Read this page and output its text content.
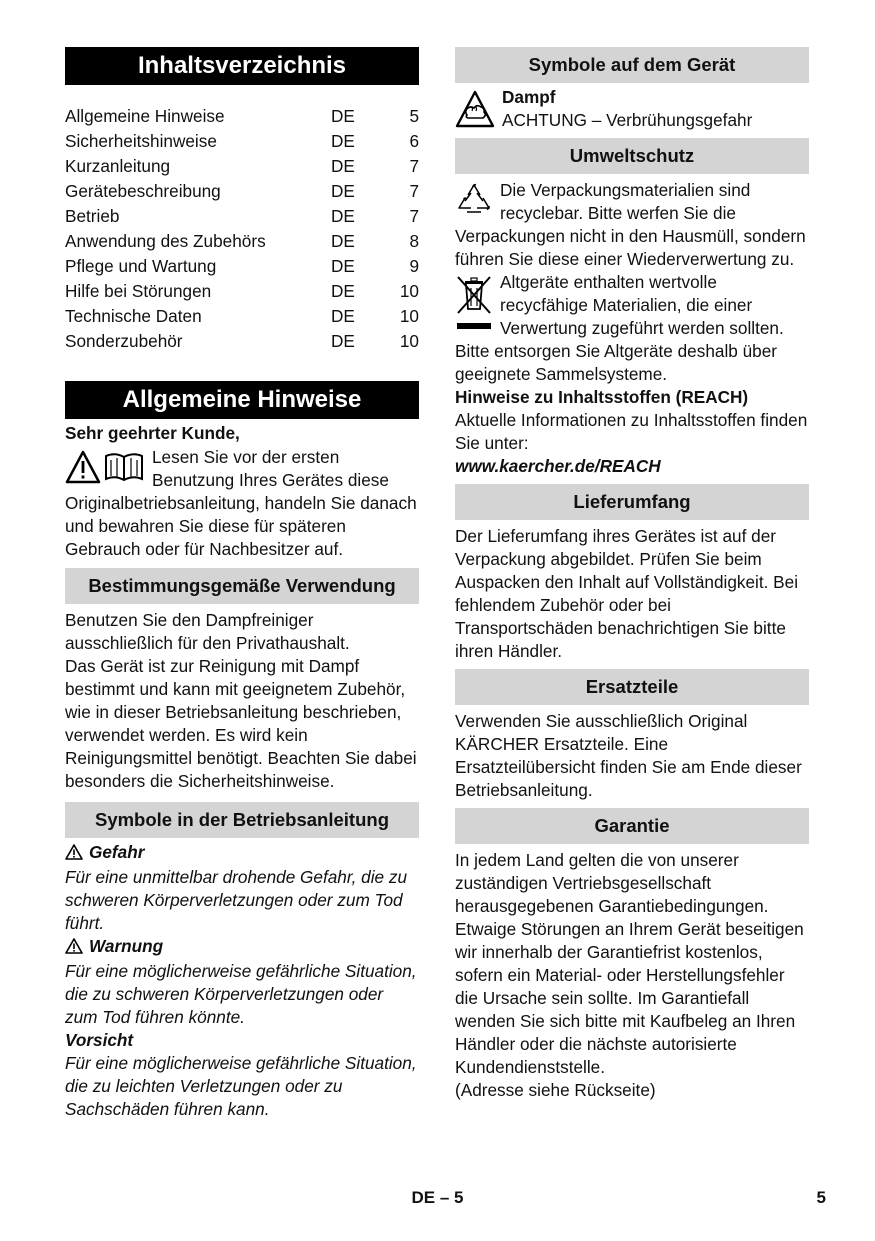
Inhaltsverzeichnis
Allgemeine Hinweise	DE	5
Sicherheitshinweise	DE	6
Kurzanleitung	DE	7
Gerätebeschreibung	DE	7
Betrieb	DE	7
Anwendung des Zubehörs	DE	8
Pflege und Wartung	DE	9
Hilfe bei Störungen	DE	10
Technische Daten	DE	10
Sonderzubehör	DE	10
Allgemeine Hinweise

Sehr geehrter Kunde,

Lesen Sie vor der ersten Benutzung Ihres Gerätes diese Originalbetriebsanleitung, handeln Sie danach und bewahren Sie diese für späteren Gebrauch oder für Nachbesitzer auf.

Bestimmungsgemäße Verwendung

Benutzen Sie den Dampfreiniger ausschließlich für den Privathaushalt.

Das Gerät ist zur Reinigung mit Dampf bestimmt und kann mit geeignetem Zubehör, wie in dieser Betriebsanleitung beschrieben, verwendet werden. Es wird kein Reinigungsmittel benötigt. Beachten Sie dabei besonders die Sicherheitshinweise.

Symbole in der Betriebsanleitung

Gefahr

Für eine unmittelbar drohende Gefahr, die zu schweren Körperverletzungen oder zum Tod führt.

Warnung

Für eine möglicherweise gefährliche Situation, die zu schweren Körperverletzungen oder zum Tod führen könnte.

Vorsicht

Für eine möglicherweise gefährliche Situation, die zu leichten Verletzungen oder zu Sachschäden führen kann.

Symbole auf dem Gerät

Dampf

ACHTUNG – Verbrühungsgefahr

Umweltschutz

Die Verpackungsmaterialien sind recyclebar. Bitte werfen Sie die Verpackungen nicht in den Hausmüll, sondern führen Sie diese einer Wiederverwertung zu.

Altgeräte enthalten wertvolle recycfähige Materialien, die einer Verwertung zugeführt werden sollten. Bitte entsorgen Sie Altgeräte deshalb über geeignete Sammelsysteme.

Hinweise zu Inhaltsstoffen (REACH)

Aktuelle Informationen zu Inhaltsstoffen finden Sie unter:

www.kaercher.de/REACH

Lieferumfang

Der Lieferumfang ihres Gerätes ist auf der Verpackung abgebildet. Prüfen Sie beim Auspacken den Inhalt auf Vollständigkeit. Bei fehlendem Zubehör oder bei Transportschäden benachrichtigen Sie bitte ihren Händler.

Ersatzteile

Verwenden Sie ausschließlich Original KÄRCHER Ersatzteile. Eine Ersatzteilübersicht finden Sie am Ende dieser Betriebsanleitung.

Garantie

In jedem Land gelten die von unserer zuständigen Vertriebsgesellschaft herausgegebenen Garantiebedingungen. Etwaige Störungen an Ihrem Gerät beseitigen wir innerhalb der Garantiefrist kostenlos, sofern ein Material- oder Herstellungsfehler die Ursache sein sollte. Im Garantiefall wenden Sie sich bitte mit Kaufbeleg an Ihren Händler oder die nächste autorisierte Kundendienststelle.

(Adresse siehe Rückseite)

DE – 5	5
